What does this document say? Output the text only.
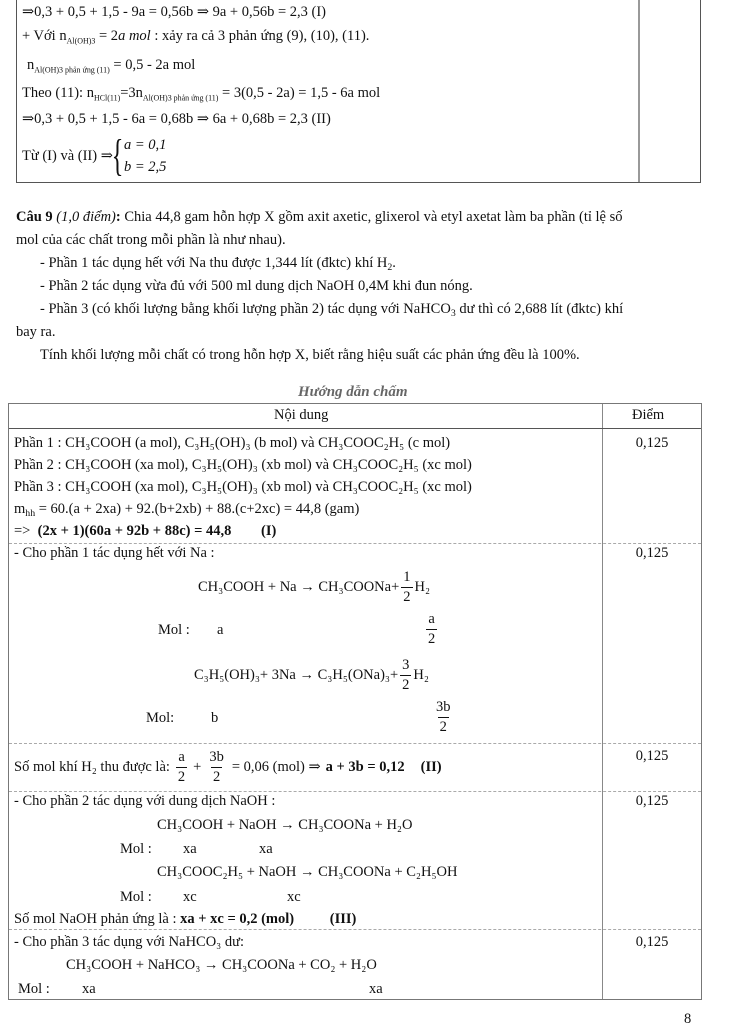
⇒0,3 + 0,5 + 1,5 - 9a = 0,56b ⇒ 9a + 0,56b = 2,3 (I)
+ Với $n_{Al(OH)3} = 2a$ mol : xảy ra cả 3 phản ứng (9), (10), (11).
$n_{Al(OH)3 phản ứng (11)} = 0,5 - 2a$ mol
Theo (11): $n_{HCl(11)}=3n_{Al(OH)3 phản ứng (11)} = 3(0,5 - 2a) = 1,5 - 6a$ mol
⇒0,3 + 0,5 + 1,5 - 6a = 0,68b ⇒ 6a + 0,68b = 2,3 (II)
Từ (I) và (II) ⇒
{ a = 0,1
b = 2,5
Câu 9 (1,0 điểm): Chia 44,8 gam hỗn hợp X gồm axit axetic, glixerol và etyl axetat làm ba phần (tỉ lệ số
mol của các chất trong mỗi phần là như nhau).
- Phần 1 tác dụng hết với Na thu được 1,344 lít (đktc) khí $H_2$.
- Phần 2 tác dụng vừa đủ với 500 ml dung dịch NaOH 0,4M khi đun nóng.
- Phần 3 (có khối lượng bằng khối lượng phần 2) tác dụng với NaHCO$_3$ dư thì có 2,688 lít (đktc) khí
bay ra.
Tính khối lượng mỗi chất có trong hỗn hợp X, biết rằng hiệu suất các phản ứng đều là 100%.
Hướng dẫn chấm
Nội dung	Điểm
Phần 1 : CH₃COOH (a mol), C₃H₅(OH)₃ (b mol) và CH₃COOC₂H₅ (c mol)
Phần 2 : CH₃COOH (xa mol), C₃H₅(OH)₃ (xb mol) và CH₃COOC₂H₅ (xc mol)
Phần 3 : CH₃COOH (xa mol), C₃H₅(OH)₃ (xb mol) và CH₃COOC₂H₅ (xc mol)
$m_{hh} = 60.(a + 2xa) + 92.(b+2xb) + 88.(c+2xc) = 44,8$ (gam)
=> (2x + 1)(60a + 92b + 88c) = 44,8 (I)
0,125
- Cho phần 1 tác dụng hết với Na :	0,125
CH₃COOH + Na → CH₃COONa+ $\frac{1}{2} H_2$
Mol : a	$\frac{a}{2}$
$C_3H_5(OH)_3+ 3Na \to C_3H_5(ONa)_3+ \frac{3}{2} H_2$
Mol:	b	$\frac{3b}{2}$
Số mol khí H₂ thu được là: $\frac{a}{2} + \frac{3b}{2} = 0,06$ (mol) ⇒ a + 3b = 0,12 (II)
0,125
- Cho phần 2 tác dụng với dung dịch NaOH :	0,125
CH₃COOH + NaOH → CH₃COONa + H₂O
Mol : xa	xa
CH₃COOC₂H₅ + NaOH → CH₃COONa + C₂H₅OH
Mol : xc	xc
Số mol NaOH phản ứng là : xa + xc = 0,2 (mol) (III)
- Cho phần 3 tác dụng với NaHCO₃ dư:	0,125
CH₃COOH + NaHCO₃ → CH₃COONa + CO₂ + H₂O
Mol : xa	xa
8
